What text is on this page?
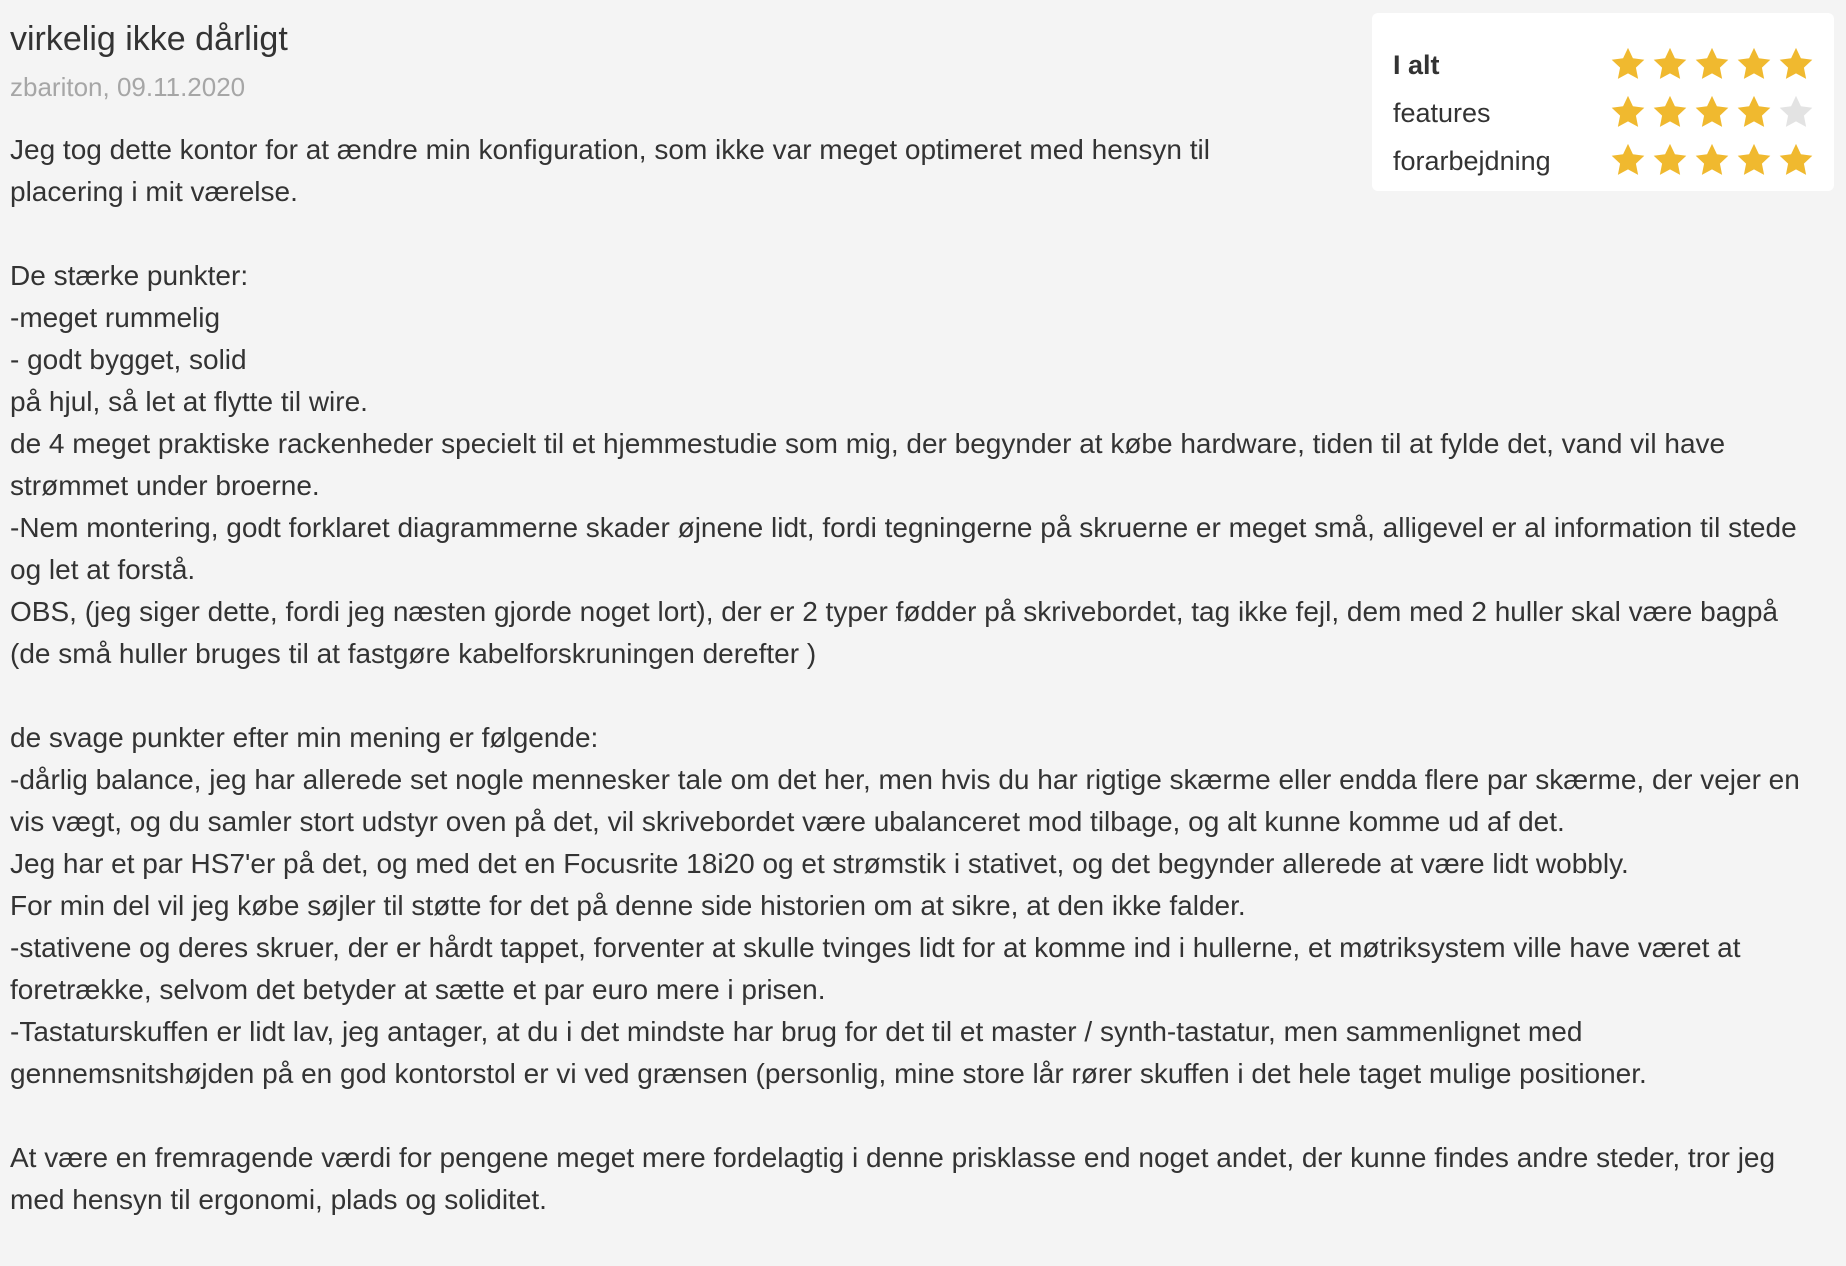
virkelig ikke dårligt
zbariton, 09.11.2020

Jeg tog dette kontor for at ændre min konfiguration, som ikke var meget optimeret med hensyn til placering i mit værelse.

De stærke punkter:

-meget rummelig

- godt bygget, solid

på hjul, så let at flytte til wire.

de 4 meget praktiske rackenheder specielt til et hjemmestudie som mig, der begynder at købe hardware, tiden til at fylde det, vand vil have strømmet under broerne.

-Nem montering, godt forklaret diagrammerne skader øjnene lidt, fordi tegningerne på skruerne er meget små, alligevel er al information til stede og let at forstå.

OBS, (jeg siger dette, fordi jeg næsten gjorde noget lort), der er 2 typer fødder på skrivebordet, tag ikke fejl, dem med 2 huller skal være bagpå (de små huller bruges til at fastgøre kabelforskruningen derefter )

de svage punkter efter min mening er følgende:

-dårlig balance, jeg har allerede set nogle mennesker tale om det her, men hvis du har rigtige skærme eller endda flere par skærme, der vejer en vis vægt, og du samler stort udstyr oven på det, vil skrivebordet være ubalanceret mod tilbage, og alt kunne komme ud af det.

Jeg har et par HS7'er på det, og med det en Focusrite 18i20 og et strømstik i stativet, og det begynder allerede at være lidt wobbly.

For min del vil jeg købe søjler til støtte for det på denne side historien om at sikre, at den ikke falder.

-stativene og deres skruer, der er hårdt tappet, forventer at skulle tvinges lidt for at komme ind i hullerne, et møtriksystem ville have været at foretrække, selvom det betyder at sætte et par euro mere i prisen.

-Tastaturskuffen er lidt lav, jeg antager, at du i det mindste har brug for det til et master / synth-tastatur, men sammenlignet med gennemsnitshøjden på en god kontorstol er vi ved grænsen (personlig, mine store lår rører skuffen i det hele taget mulige positioner.

At være en fremragende værdi for pengene meget mere fordelagtig i denne prisklasse end noget andet, der kunne findes andre steder, tror jeg med hensyn til ergonomi, plads og soliditet.

I alt
features
forarbejdning
